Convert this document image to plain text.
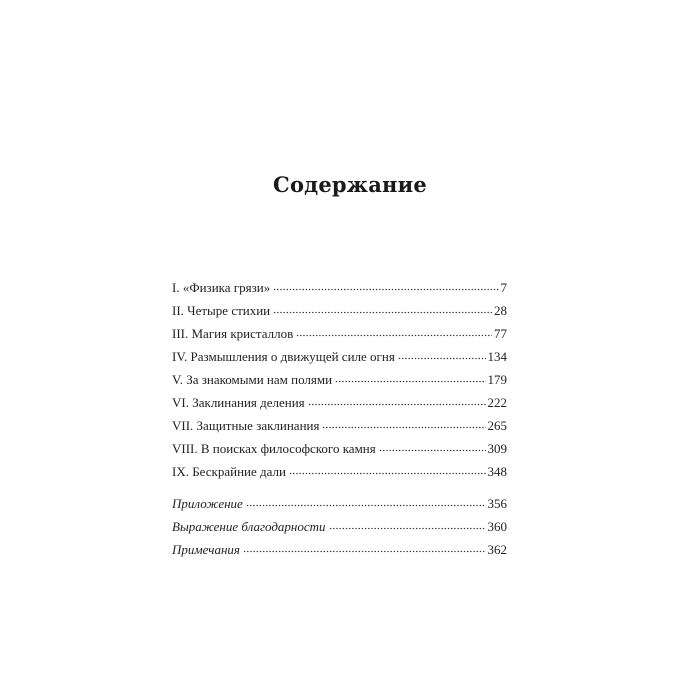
Содержание
I. «Физика грязи»	7
II. Четыре стихии	28
III. Магия кристаллов	77
IV. Размышления о движущей силе огня	134
V. За знакомыми нам полями	179
VI. Заклинания деления	222
VII. Защитные заклинания	265
VIII. В поисках философского камня	309
IX. Бескрайние дали	348
Приложение	356
Выражение благодарности	360
Примечания	362
